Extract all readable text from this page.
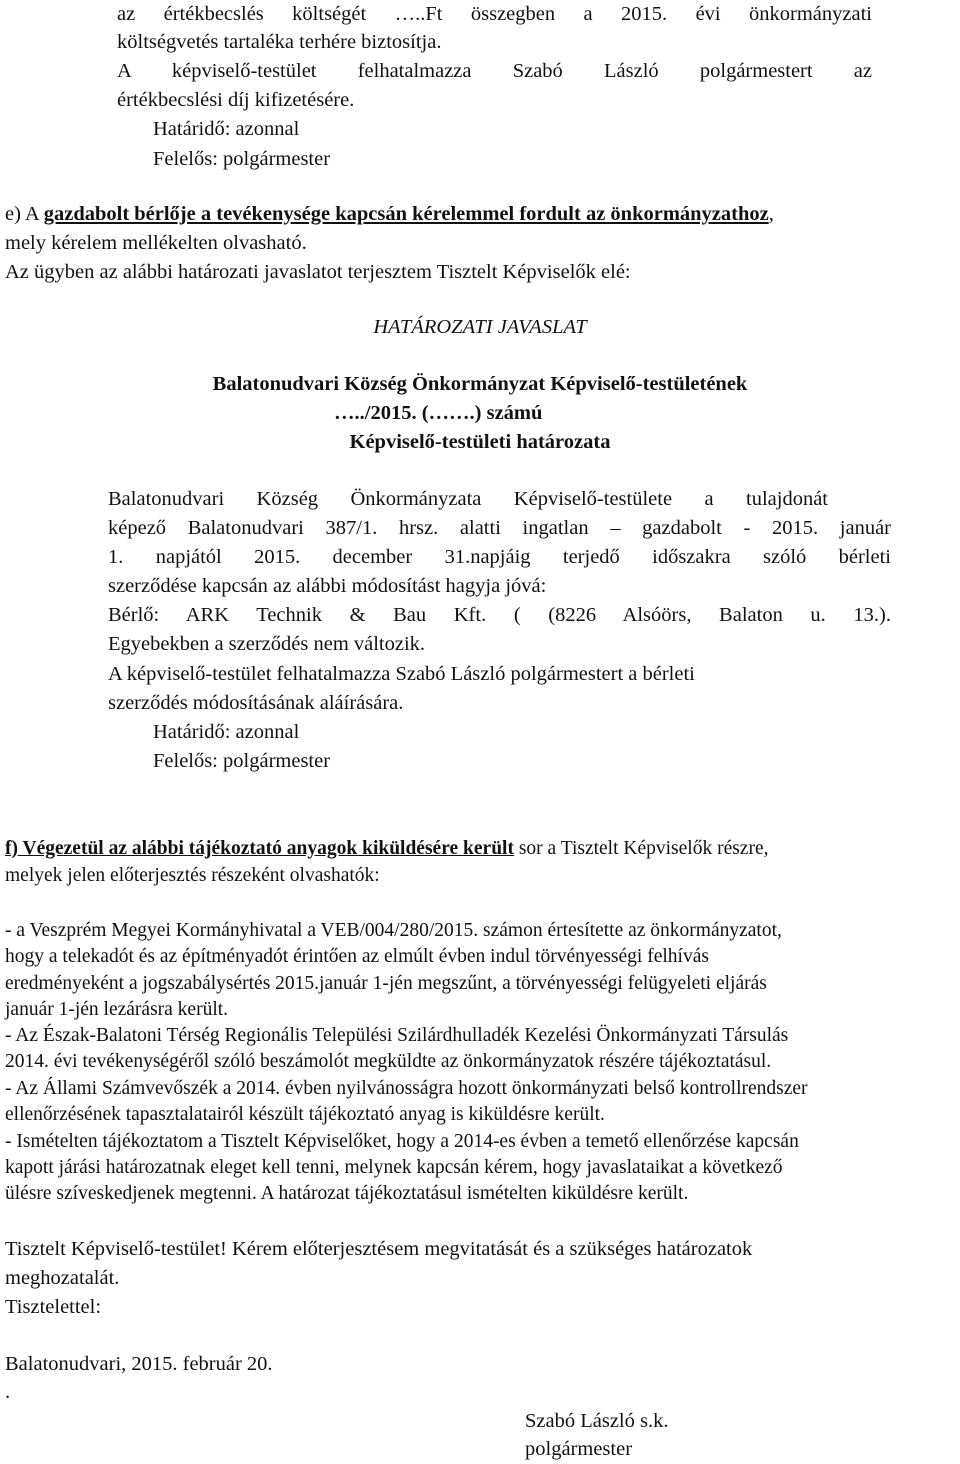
az értékbecslés költségét …..Ft összegben a 2015. évi önkormányzati

költségvetés tartaléka terhére biztosítja.

A képviselő-testület felhatalmazza Szabó László polgármestert az

értékbecslési díj kifizetésére.

Határidő: azonnal

Felelős: polgármester

e) A gazdabolt bérlője a tevékenysége kapcsán kérelemmel fordult az önkormányzathoz,

mely kérelem mellékelten olvasható.

Az ügyben az alábbi határozati javaslatot terjesztem Tisztelt Képviselők elé:

HATÁROZATI JAVASLAT

Balatonudvari Község Önkormányzat Képviselő-testületének

…../2015. (…….) számú

Képviselő-testületi határozata

Balatonudvari Község Önkormányzata Képviselő-testülete a tulajdonát

képező Balatonudvari 387/1. hrsz. alatti ingatlan – gazdabolt - 2015. január

1. napjától 2015. december 31.napjáig terjedő időszakra szóló bérleti

szerződése kapcsán az alábbi módosítást hagyja jóvá:

Bérlő: ARK Technik & Bau Kft. ( (8226 Alsóörs, Balaton u. 13.).

Egyebekben a szerződés nem változik.

A képviselő-testület felhatalmazza Szabó László polgármestert a bérleti

szerződés módosításának aláírására.

Határidő: azonnal

Felelős: polgármester

f) Végezetül az alábbi tájékoztató anyagok kiküldésére került sor a Tisztelt Képviselők részre,

melyek jelen előterjesztés részeként olvashatók:

- a Veszprém Megyei Kormányhivatal a VEB/004/280/2015. számon értesítette az önkormányzatot,

hogy a telekadót és az építményadót érintően az elmúlt évben indul törvényességi felhívás

eredményeként a jogszabálysértés 2015.január 1-jén megszűnt, a törvényességi felügyeleti eljárás

január 1-jén lezárásra került.

- Az Észak-Balatoni Térség Regionális Települési Szilárdhulladék Kezelési Önkormányzati Társulás

2014. évi tevékenységéről szóló beszámolót megküldte az önkormányzatok részére tájékoztatásul.

- Az Állami Számvevőszék a 2014. évben nyilvánosságra hozott önkormányzati belső kontrollrendszer

ellenőrzésének tapasztalatairól készült tájékoztató anyag is kiküldésre került.

- Ismételten tájékoztatom a Tisztelt Képviselőket, hogy a 2014-es évben a temető ellenőrzése kapcsán

kapott járási határozatnak eleget kell tenni, melynek kapcsán kérem, hogy javaslataikat a következő

ülésre szíveskedjenek megtenni. A határozat tájékoztatásul ismételten kiküldésre került.

Tisztelt Képviselő-testület! Kérem előterjesztésem megvitatását és a szükséges határozatok

meghozatalát.

Tisztelettel:

Balatonudvari, 2015. február 20.

.

Szabó László s.k.

polgármester
